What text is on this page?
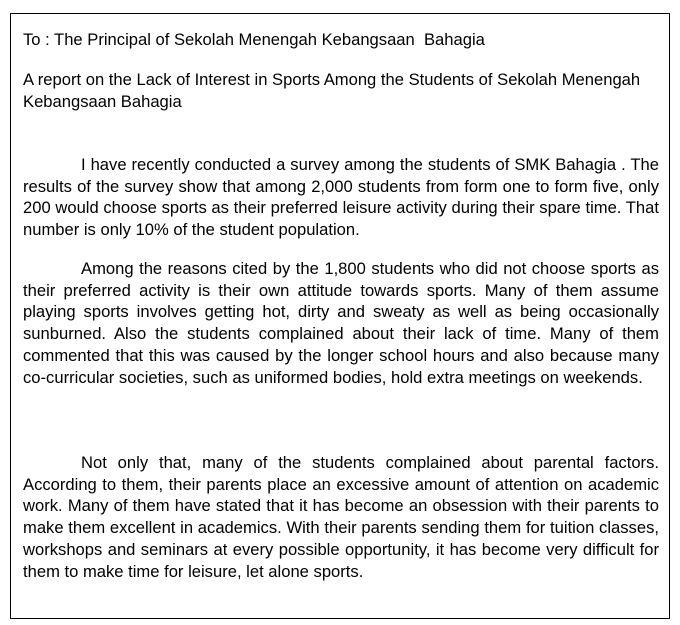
To : The Principal of Sekolah Menengah Kebangsaan  Bahagia

A report on the Lack of Interest in Sports Among the Students of Sekolah Menengah Kebangsaan Bahagia

I have recently conducted a survey among the students of SMK Bahagia . The results of the survey show that among 2,000 students from form one to form five, only 200 would choose sports as their preferred leisure activity during their spare time. That number is only 10% of the student population.

Among the reasons cited by the 1,800 students who did not choose sports as their preferred activity is their own attitude towards sports. Many of them assume playing sports involves getting hot, dirty and sweaty as well as being occasionally sunburned. Also the students complained about their lack of time. Many of them commented that this was caused by the longer school hours and also because many co-curricular societies, such as uniformed bodies, hold extra meetings on weekends.

Not only that, many of the students complained about parental factors. According to them, their parents place an excessive amount of attention on academic work. Many of them have stated that it has become an obsession with their parents to make them excellent in academics. With their parents sending them for tuition classes, workshops and seminars at every possible opportunity, it has become very difficult for them to make time for leisure, let alone sports.
